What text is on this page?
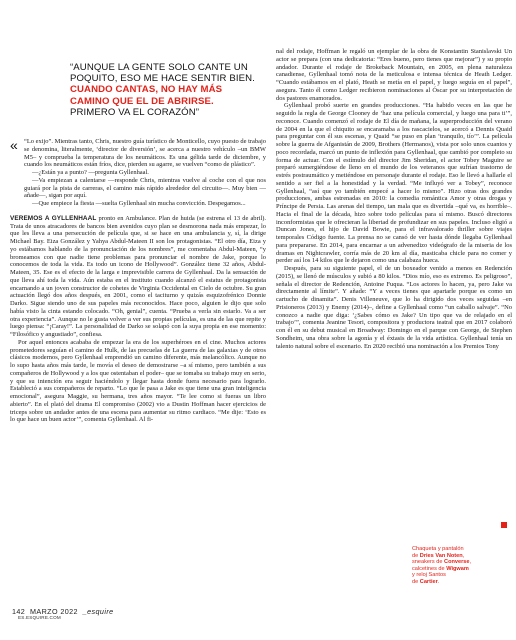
“AUNQUE LA GENTE SOLO CANTE UN POQUITO, ESO ME HACE SENTIR BIEN. CUANDO CANTAS, NO HAY MÁS CAMINO QUE EL DE ABRIRSE. PRIMERO VA EL CORAZÓN”
« “Lo exijo”. Mientras tanto, Chris, nuestro guía turístico de Monticello, cuyo puesto de trabajo se denomina, literalmente, ‘director de diversión’, se acerca a nuestro vehículo –un BMW M5– y comprueba la temperatura de los neumáticos. Es una gélida tarde de diciembre, y cuando los neumáticos están fríos, dice, pierden su agarre, se vuelven “como de plástico”.

—¿Están ya a punto? —pregunta Gyllenhaal.

—Va empiezan a calentarse —responde Chris, mientras vuelve al coche con el que nos guiará por la pista de carreras, el camino más rápido alrededor del circuito—. Muy bien —añade—, sigan por aquí.

—Que empiece la fiesta —suelta Gyllenhaal sin mucha convicción. Despegamos...

VEREMOS A GYLLENHAAL pronto en Ambulance. Plan de huida (se estrena el 13 de abril). Trata de unos atracadores de bancos bien avenidos cuyo plan se desmorona nada más empezar, lo que les lleva a una persecución de película que, si se hace en una ambulancia y, sí, la dirige Michael Bay. Eiza González y Yahya Abdul-Mateen II son los protagonistas. “El otro día, Eiza y yo estábamos hablando de la pronunciación de los nombres”, me comentaba Abdul-Mateen, “y bromeamos con que nadie tiene problemas para pronunciar el nombre de Jake, porque lo conocemos de toda la vida. Es todo un icono de Hollywood”. González tiene 32 años, Abdul-Mateen, 35. Ese es el efecto de la larga e imprevisible carrera de Gyllenhaal. Da la sensación de que lleva ahí toda la vida. Aún estaba en el instituto cuando alcanzó el estatus de protagonista encarnando a un joven constructor de cohetes de Virginia Occidental en Cielo de octubre. Su gran actuación llegó dos años después, en 2001, como el taciturno y quizás esquizofrénico Donnie Darko. Sigue siendo uno de sus papeles más reconocidos. Hace poco, alguien le dijo que solo había visto la cinta estando colocado. “Oh, genial”, cuenta. “Prueba a verla sin estarlo. Va a ser otra experiencia”. Aunque no le gusta volver a ver sus propias películas, es una de las que repite y luego piensa: “¡Caray!”. La personalidad de Darko se solapó con la suya propia en ese momento: “Filosófico y angustiado”, confiesa.

Por aquel entonces acababa de empezar la era de los superhéroes en el cine. Muchos actores prometedores seguían el camino de Hulk, de las precuelas de La guerra de las galaxias y de otros clásicos modernos, pero Gyllenhaal emprendió un camino diferente, más melancólico. Aunque no lo supo hasta años más tarde, le movía el deseo de demostrarse –a sí mismo, pero también a sus compañeros de Hollywood y a los que ostentaban el poder– que se tomaba su trabajo muy en serio, y que su intención era seguir haciéndolo y llegar hasta donde fuera necesario para lograrlo. Estableció a sus compañeros de reparto. “Lo que le pasa a Jake es que tiene una gran inteligencia emocional”, asegura Maggie, su hermana, tres años mayor. “Te lee como si fueras un libro abierto”. En el plató del drama El compromiso (2002) vio a Dustin Hoffman hacer ejercicios de triceps sobre un andador antes de una escena para aumentar su ritmo cardiaco. “Me dije: ‘Esto es lo que hace un buen actor’”, comenta Gyllenhaal. Al fi-

nal del rodaje, Hoffman le regaló un ejemplar de la obra de Konstantin Stanislavski Un actor se prepara (con una dedicatoria: “Eres bueno, pero tienes que mejorar”) y su propio andador. Durante el rodaje de Brokeback Mountain, en 2005, en plena naturaleza canadiense, Gyllenhaal tomó nota de la meticulosa e intensa técnica de Heath Ledger. “Cuando estábamos en el plató, Heath se metía en el papel, y luego seguía en el papel”, asegura. Tanto él como Ledger recibieron nominaciones al Óscar por su interpretación de dos pastores enamorados.

Gyllenhaal probó suerte en grandes producciones. “Ha habido veces en las que he seguido la regla de George Clooney de ‘haz una película comercial, y luego una para ti’”, reconoce. Cuando comenzó el rodaje de El día de mañana, la superproducción del verano de 2004 en la que el chiquito se encaramaba a los rascacielos, se acercó a Dennis Quaid para preguntar con él sus escenas, y Quaid “se puso en plan ‘tranquilo, tío’”. La película sobre la guerra de Afganistán de 2009, Brothers (Hermanos), vista por solo unos cuantos y poco recordada, marcó un punto de inflexión para Gyllenhaal, que cambió por completo su forma de actuar. Con el estímulo del director Jim Sheridan, el actor Tobey Maguire se preparó sumergiéndose de lleno en el mundo de los veteranos que sufrían trastorno de estrés postraumático y metiéndose en personaje durante el rodaje. Eso le llevó a hallarle el sentido a ser fiel a la honestidad y la verdad. “Me influyó ver a Tobey”, reconoce Gyllenhaal, “así que yo también empecé a hacer lo mismo”. Hizo otras dos grandes producciones, ambas estrenadas en 2010: la comedia romántica Amor y otras drogas y Príncipe de Persia. Las arenas del tiempo, tan mala que es divertida –qué va, es horrible–. Hacia el final de la década, hizo sobre todo películas para sí mismo. Buscó directores inconformistas que le ofrecieran la libertad de profundizar en sus papeles. Incluso eligió a Duncan Jones, el hijo de David Bowie, para el infravalorado thriller sobre viajes temporales Código fuente. La prensa no se cansó de ver hasta dónde llegaba Gyllenhaal para prepararse. En 2014, para encarnar a un advenedizo videógrafo de la miseria de los dramas en Nightcrawler, corría más de 20 km al día, masticaba chicle para no comer y perder así los 14 kilos que le dejaron como una calabaza hueca.

Después, para su siguiente papel, el de un boxeador venido a menos en Redención (2015), se llenó de músculos y subió a 80 kilos. “Dios mío, eso es extremo. Es peligroso”, señala el director de Redención, Antoine Fuqua. “Los actores lo hacen, ya, pero Jake va directamente al límite”. Y añade: “Y a veces tienes que apartarle porque es como un cartucho de dinamita”. Denis Villeneuve, que lo ha dirigido dos veces seguidas –en Prisioneros (2013) y Enemy (2014)–, define a Gyllenhaal como “un caballo salvaje”. “No conozco a nadie que diga: ‘¿Sabes cómo es Jake? Un tipo que va de relajado en el trabajo’”, comenta Jeanine Tesori, compositora y productora teatral que en 2017 colaboró con él en su debut musical en Broadway: Domingo en el parque con George, de Stephen Sondheim, una obra sobre la agonía y el éxtasis de la vida artística. Gyllenhaal tenía un talento natural sobre el escenario. En 2020 recibió una nominación a los Premios Tony

Chaqueta y pantalón
de Dries Van Noten,
sneakers de Converse,
calcetines de Wigwam
y reloj Santos
de Cartier.
142 MARZO 2022 _esquire
ES.ESQUIRE.COM
